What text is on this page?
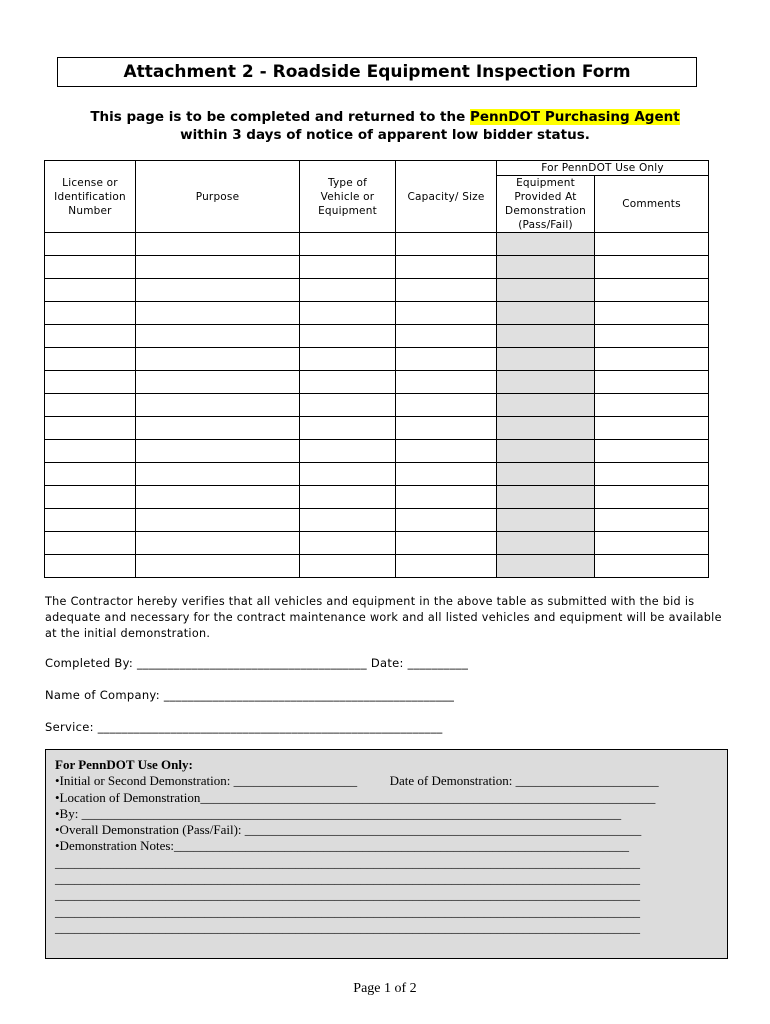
Attachment 2 - Roadside Equipment Inspection Form
This page is to be completed and returned to the PennDOT Purchasing Agent
within 3 days of notice of apparent low bidder status.
License or Identification Number	Purpose	Type of Vehicle or Equipment	Capacity/ Size	For PennDOT Use Only	
				Equipment Provided At Demonstration (Pass/Fail)	Comments

The Contractor hereby verifies that all vehicles and equipment in the above table as submitted with the bid is adequate and necessary for the contract maintenance work and all listed vehicles and equipment will be available at the initial demonstration.
Completed By: ______________________________________ Date: __________
Name of Company: ________________________________________________
Service: _________________________________________________________
For PennDOT Use Only:
•Initial or Second Demonstration: ___________________          Date of Demonstration: ______________________
•Location of Demonstration______________________________________________________________________
•By: ___________________________________________________________________________________
•Overall Demonstration (Pass/Fail): _____________________________________________________________
•Demonstration Notes:______________________________________________________________________
__________________________________________________________________________________________
__________________________________________________________________________________________
__________________________________________________________________________________________
__________________________________________________________________________________________
__________________________________________________________________________________________
Page 1 of 2
